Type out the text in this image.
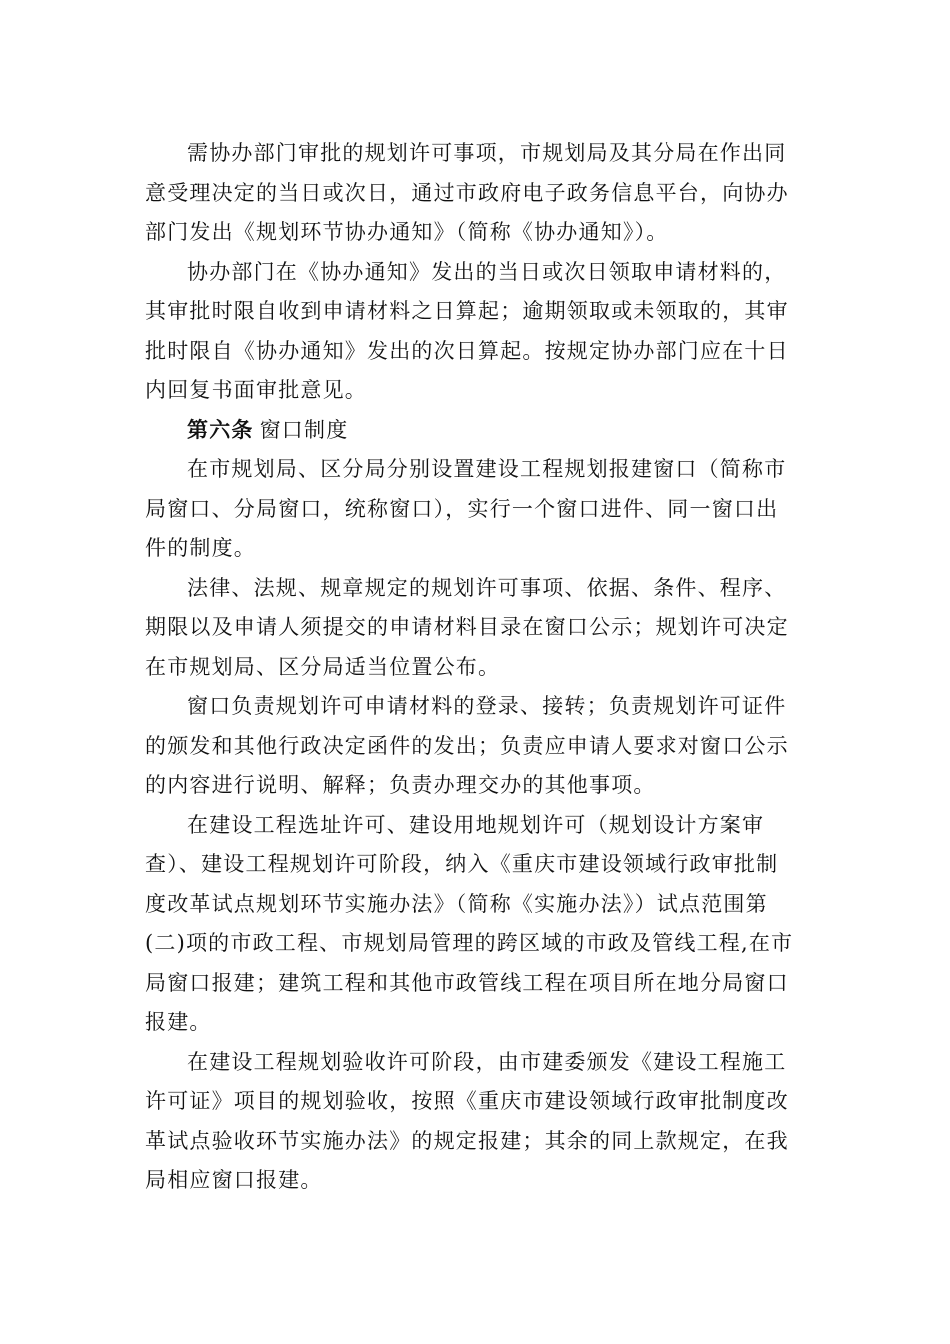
需协办部门审批的规划许可事项，市规划局及其分局在作出同
意受理决定的当日或次日，通过市政府电子政务信息平台，向协办
部门发出《规划环节协办通知》（简称《协办通知》）。

协办部门在《协办通知》发出的当日或次日领取申请材料的，
其审批时限自收到申请材料之日算起；逾期领取或未领取的，其审
批时限自《协办通知》发出的次日算起。按规定协办部门应在十日
内回复书面审批意见。

第六条 窗口制度

在市规划局、区分局分别设置建设工程规划报建窗口（简称市
局窗口、分局窗口，统称窗口），实行一个窗口进件、同一窗口出
件的制度。

法律、法规、规章规定的规划许可事项、依据、条件、程序、
期限以及申请人须提交的申请材料目录在窗口公示；规划许可决定
在市规划局、区分局适当位置公布。

窗口负责规划许可申请材料的登录、接转；负责规划许可证件
的颁发和其他行政决定函件的发出；负责应申请人要求对窗口公示
的内容进行说明、解释；负责办理交办的其他事项。

在建设工程选址许可、建设用地规划许可（规划设计方案审
查）、建设工程规划许可阶段，纳入《重庆市建设领域行政审批制
度改革试点规划环节实施办法》（简称《实施办法》）试点范围第
(二)项的市政工程、市规划局管理的跨区域的市政及管线工程,在市
局窗口报建；建筑工程和其他市政管线工程在项目所在地分局窗口
报建。

在建设工程规划验收许可阶段，由市建委颁发《建设工程施工
许可证》项目的规划验收，按照《重庆市建设领域行政审批制度改
革试点验收环节实施办法》的规定报建；其余的同上款规定，在我
局相应窗口报建。
